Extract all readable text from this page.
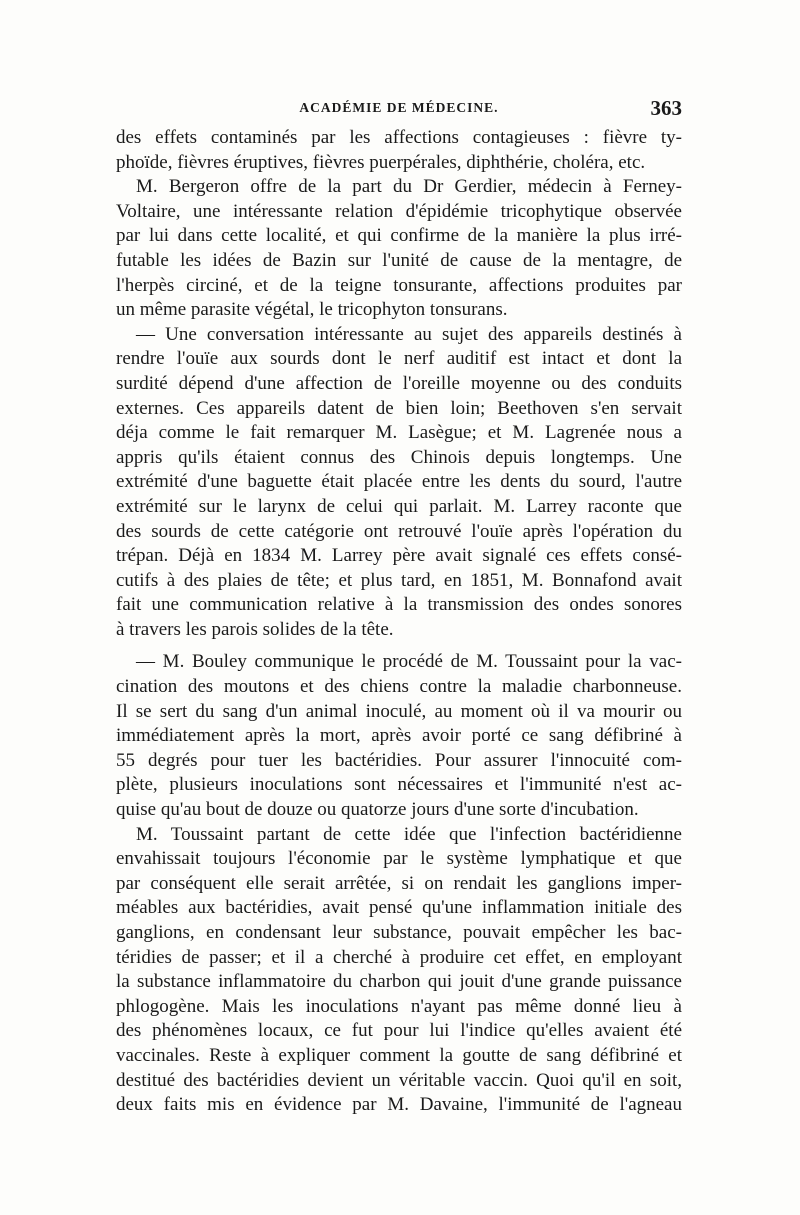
ACADÉMIE DE MÉDECINE.	363
des effets contaminés par les affections contagieuses : fièvre ty-
phoïde, fièvres éruptives, fièvres puerpérales, diphthérie, choléra, etc.
M. Bergeron offre de la part du Dr Gerdier, médecin à Ferney-
Voltaire, une intéressante relation d'épidémie tricophytique observée
par lui dans cette localité, et qui confirme de la manière la plus irré-
futable les idées de Bazin sur l'unité de cause de la mentagre, de
l'herpès circiné, et de la teigne tonsurante, affections produites par
un même parasite végétal, le tricophyton tonsurans.
— Une conversation intéressante au sujet des appareils destinés à
rendre l'ouïe aux sourds dont le nerf auditif est intact et dont la
surdité dépend d'une affection de l'oreille moyenne ou des conduits
externes. Ces appareils datent de bien loin; Beethoven s'en servait
déja comme le fait remarquer M. Lasègue; et M. Lagrenée nous a
appris qu'ils étaient connus des Chinois depuis longtemps. Une
extrémité d'une baguette était placée entre les dents du sourd, l'autre
extrémité sur le larynx de celui qui parlait. M. Larrey raconte que
des sourds de cette catégorie ont retrouvé l'ouïe après l'opération du
trépan. Déjà en 1834 M. Larrey père avait signalé ces effets consé-
cutifs à des plaies de tête; et plus tard, en 1851, M. Bonnafond avait
fait une communication relative à la transmission des ondes sonores
à travers les parois solides de la tête.
— M. Bouley communique le procédé de M. Toussaint pour la vac-
cination des moutons et des chiens contre la maladie charbonneuse.
Il se sert du sang d'un animal inoculé, au moment où il va mourir ou
immédiatement après la mort, après avoir porté ce sang défibriné à
55 degrés pour tuer les bactéridies. Pour assurer l'innocuité com-
plète, plusieurs inoculations sont nécessaires et l'immunité n'est ac-
quise qu'au bout de douze ou quatorze jours d'une sorte d'incubation.
M. Toussaint partant de cette idée que l'infection bactéridienne
envahissait toujours l'économie par le système lymphatique et que
par conséquent elle serait arrêtée, si on rendait les ganglions imper-
méables aux bactéridies, avait pensé qu'une inflammation initiale des
ganglions, en condensant leur substance, pouvait empêcher les bac-
téridies de passer; et il a cherché à produire cet effet, en employant
la substance inflammatoire du charbon qui jouit d'une grande puissance
phlogogène. Mais les inoculations n'ayant pas même donné lieu à
des phénomènes locaux, ce fut pour lui l'indice qu'elles avaient été
vaccinales. Reste à expliquer comment la goutte de sang défibriné et
destitué des bactéridies devient un véritable vaccin. Quoi qu'il en soit,
deux faits mis en évidence par M. Davaine, l'immunité de l'agneau
